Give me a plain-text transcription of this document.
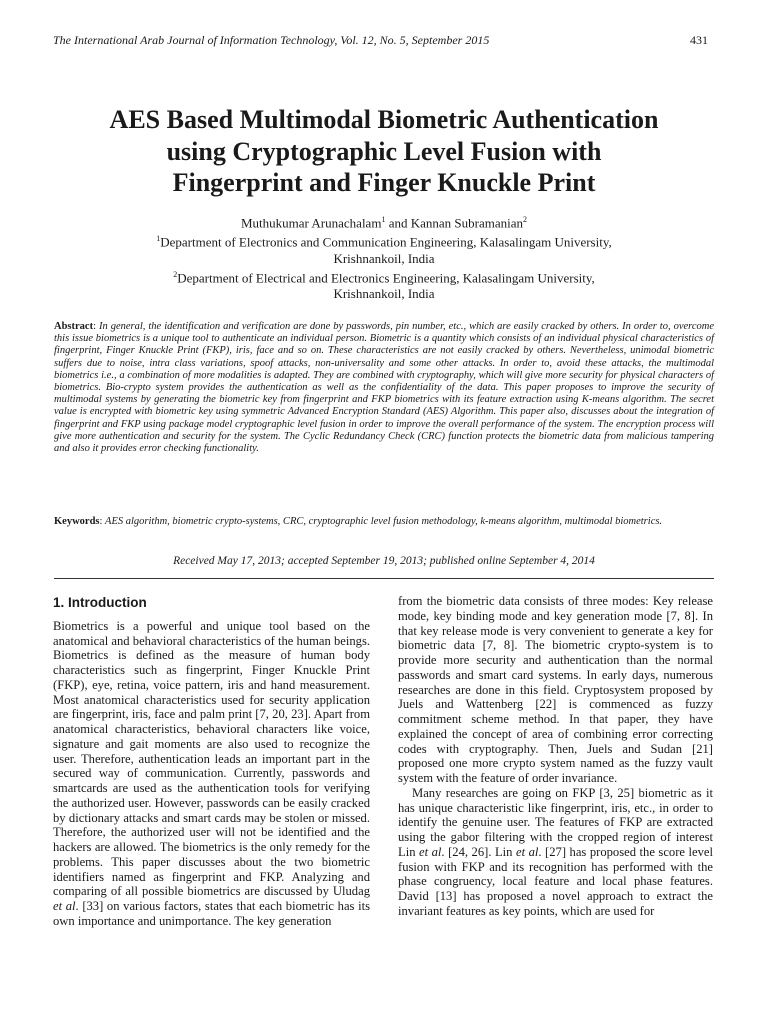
The International Arab Journal of Information Technology, Vol. 12, No. 5, September 2015	431
AES Based Multimodal Biometric Authentication
using Cryptographic Level Fusion with
Fingerprint and Finger Knuckle Print
Muthukumar Arunachalam$^1$ and Kannan Subramanian$^2$
$^1$Department of Electronics and Communication Engineering, Kalasalingam University,
Krishnankoil, India
$^2$Department of Electrical and Electronics Engineering, Kalasalingam University,
Krishnankoil, India
Abstract: In general, the identification and verification are done by passwords, pin number, etc., which are easily cracked by others. In order to, overcome this issue biometrics is a unique tool to authenticate an individual person. Biometric is a quantity which consists of an individual physical characteristics of fingerprint, Finger Knuckle Print (FKP), iris, face and so on. These characteristics are not easily cracked by others. Nevertheless, unimodal biometric suffers due to noise, intra class variations, spoof attacks, non-universality and some other attacks. In order to, avoid these attacks, the multimodal biometrics i.e., a combination of more modalities is adapted. They are combined with cryptography, which will give more security for physical characters of biometrics. Bio-crypto system provides the authentication as well as the confidentiality of the data. This paper proposes to improve the security of multimodal systems by generating the biometric key from fingerprint and FKP biometrics with its feature extraction using K-means algorithm. The secret value is encrypted with biometric key using symmetric Advanced Encryption Standard (AES) Algorithm. This paper also, discusses about the integration of fingerprint and FKP using package model cryptographic level fusion in order to improve the overall performance of the system. The encryption process will give more authentication and security for the system. The Cyclic Redundancy Check (CRC) function protects the biometric data from malicious tampering and also it provides error checking functionality.
Keywords: AES algorithm, biometric crypto-systems, CRC, cryptographic level fusion methodology, k-means algorithm, multimodal biometrics.
Received May 17, 2013; accepted September 19, 2013; published online September 4, 2014
1. Introduction

Biometrics is a powerful and unique tool based on the anatomical and behavioral characteristics of the human beings. Biometrics is defined as the measure of human body characteristics such as fingerprint, Finger Knuckle Print (FKP), eye, retina, voice pattern, iris and hand measurement. Most anatomical characteristics used for security application are fingerprint, iris, face and palm print [7, 20, 23]. Apart from anatomical characteristics, behavioral characters like voice, signature and gait moments are also used to recognize the user. Therefore, authentication leads an important part in the secured way of communication. Currently, passwords and smartcards are used as the authentication tools for verifying the authorized user. However, passwords can be easily cracked by dictionary attacks and smart cards may be stolen or missed. Therefore, the authorized user will not be identified and the hackers are allowed. The biometrics is the only remedy for the problems. This paper discusses about the two biometric identifiers named as fingerprint and FKP. Analyzing and comparing of all possible biometrics are discussed by Uludag et al. [33] on various factors, states that each biometric has its own importance and unimportance. The key generation

from the biometric data consists of three modes: Key release mode, key binding mode and key generation mode [7, 8]. In that key release mode is very convenient to generate a key for biometric data [7, 8]. The biometric crypto-system is to provide more security and authentication than the normal passwords and smart card systems. In early days, numerous researches are done in this field. Cryptosystem proposed by Juels and Wattenberg [22] is commenced as fuzzy commitment scheme method. In that paper, they have explained the concept of area of combining error correcting codes with cryptography. Then, Juels and Sudan [21] proposed one more crypto system named as the fuzzy vault system with the feature of order invariance.

Many researches are going on FKP [3, 25] biometric as it has unique characteristic like fingerprint, iris, etc., in order to identify the genuine user. The features of FKP are extracted using the gabor filtering with the cropped region of interest Lin et al. [24, 26]. Lin et al. [27] has proposed the score level fusion with FKP and its recognition has performed with the phase congruency, local feature and local phase features. David [13] has proposed a novel approach to extract the invariant features as key points, which are used for
